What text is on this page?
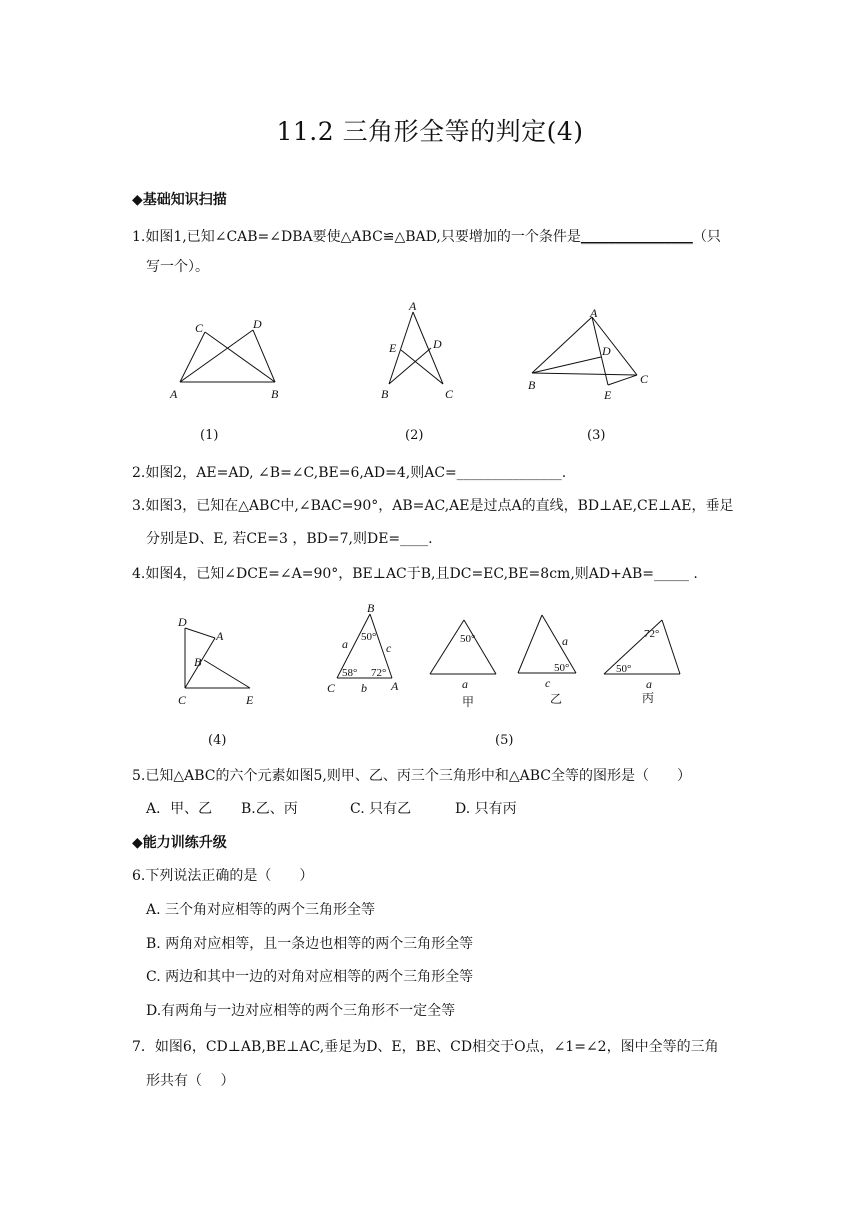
11.2 三角形全等的判定(4)
◆基础知识扫描
1.如图1,已知∠CAB=∠DBA要使△ABC≌△BAD,只要增加的一个条件是________________（只
写一个）。
A	B
C	D
(1)
A
B	C
D
E
(2)
A
B	C
D
E
(3)
2.如图2，AE=AD, ∠B=∠C,BE=6,AD=4,则AC=_______________.
3.如图3，已知在△ABC中,∠BAC=90°，AB=AC,AE是过点A的直线，BD⊥AE,CE⊥AE，垂足
分别是D、E, 若CE=3 ，BD=7,则DE=____.
4.如图4，已知∠DCE=∠A=90°，BE⊥AC于B,且DC=EC,BE=8cm,则AD+AB=_____ .
D
A
B
C	E
(4)
B
C	A
a	c
b
50°
58° 72°
50°
a
甲
a
50°
c
乙
72°
50°
a
丙
(5)
5.已知△ABC的六个元素如图5,则甲、乙、丙三个三角形中和△ABC全等的图形是（　　）
A．甲、乙 B.乙、丙	C. 只有乙	D. 只有丙
◆能力训练升级
6.下列说法正确的是（　　）
A. 三个角对应相等的两个三角形全等
B. 两角对应相等，且一条边也相等的两个三角形全等
C. 两边和其中一边的对角对应相等的两个三角形全等
D.有两角与一边对应相等的两个三角形不一定全等
7．如图6，CD⊥AB,BE⊥AC,垂足为D、E，BE、CD相交于O点，∠1=∠2，图中全等的三角
形共有（　 ）
